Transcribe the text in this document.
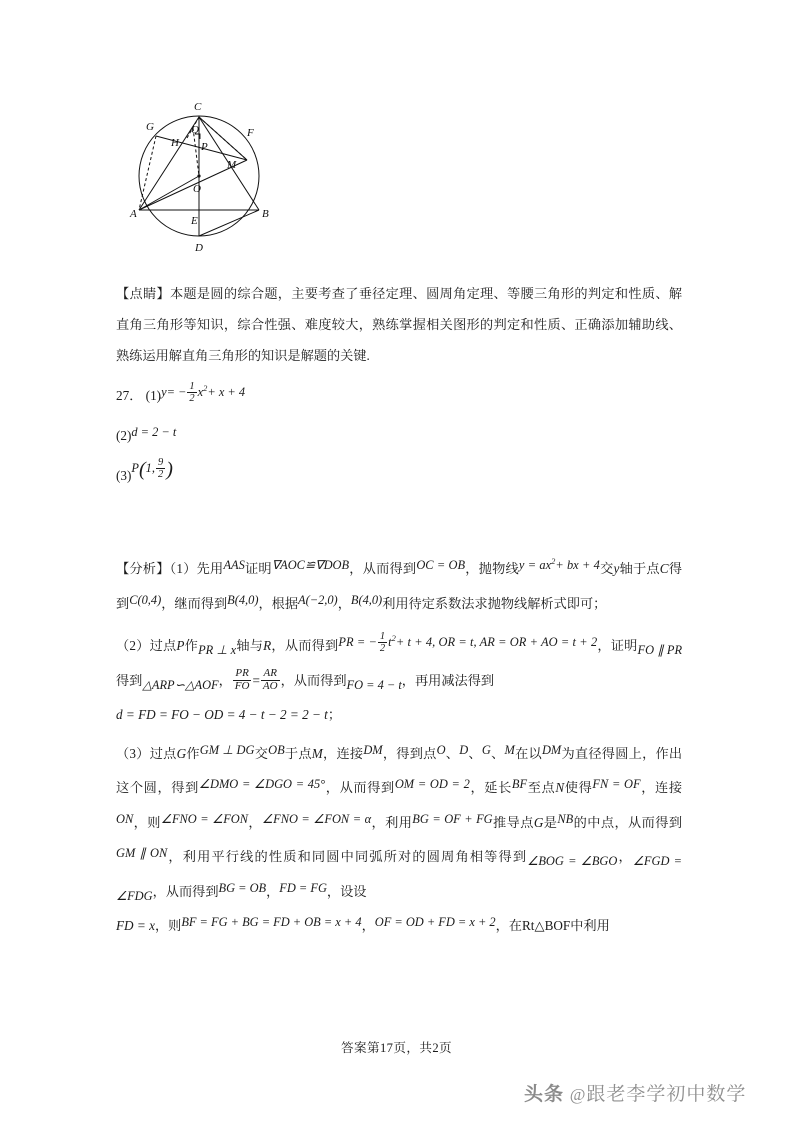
C
G	Q	F
H P
M
O
A
E
B
D
【点睛】本题是圆的综合题，主要考查了垂径定理、圆周角定理、等腰三角形的判定和性质、解直角三角形等知识，综合性强、难度较大，熟练掌握相关图形的判定和性质、正确添加辅助线、熟练运用解直角三角形的知识是解题的关键.
27． $(1)y= - \frac{1}{2} x^2+ x + 4$
(2)d = 2 − t
(3)P(1, $\frac{9}{2}$ )
【分析】（1）先用AAS证明∇AOC≌∇DOB，从而得到OC = OB，抛物线$y = ax^2+$ bx + 4交y轴于点C得到C(0,4)，继而得到B(4,0)，根据A(−2,0)，B(4,0)利用待定系数法求抛物线解析式即可；
（2）过点P作PR ⊥ x轴与R，从而得到PR = − $\frac{1}{2} t^2+ t + 4$, OR = t, AR = OR + AO = t + 2，证明FO ∥ PR得到△ARP∽△AOF， $\frac{PR}{FO} = \frac{AR}{AO}$ ，从而得到FO = 4 − t，再用减法得到
d = FD = FO − OD = 4 − t − 2 = 2 − t；
（3）过点G作GM ⊥ DG交OB于点M，连接DM，得到点O、D、G、M在以DM为直径得圆上，作出这个圆，得到∠DMO = ∠DGO = 45°，从而得到OM = OD = 2，延长BF至点N使得FN = OF，连接ON，则∠FNO = ∠FON，∠FNO = ∠FON = α，利用BG = OF + FG推导点G是NB的中点，从而得到GM ∥ ON，利用平行线的性质和同圆中同弧所对的圆周角相等得到∠BOG = ∠BGO，∠FGD = ∠FDG，从而得到BG = OB，FD = FG，设设
FD = x，则BF = FG + BG = FD + OB = x + 4，OF = OD + FD = x + 2，在Rt△BOF中利用
答案第17页，共2页
头条 @跟老李学初中数学
